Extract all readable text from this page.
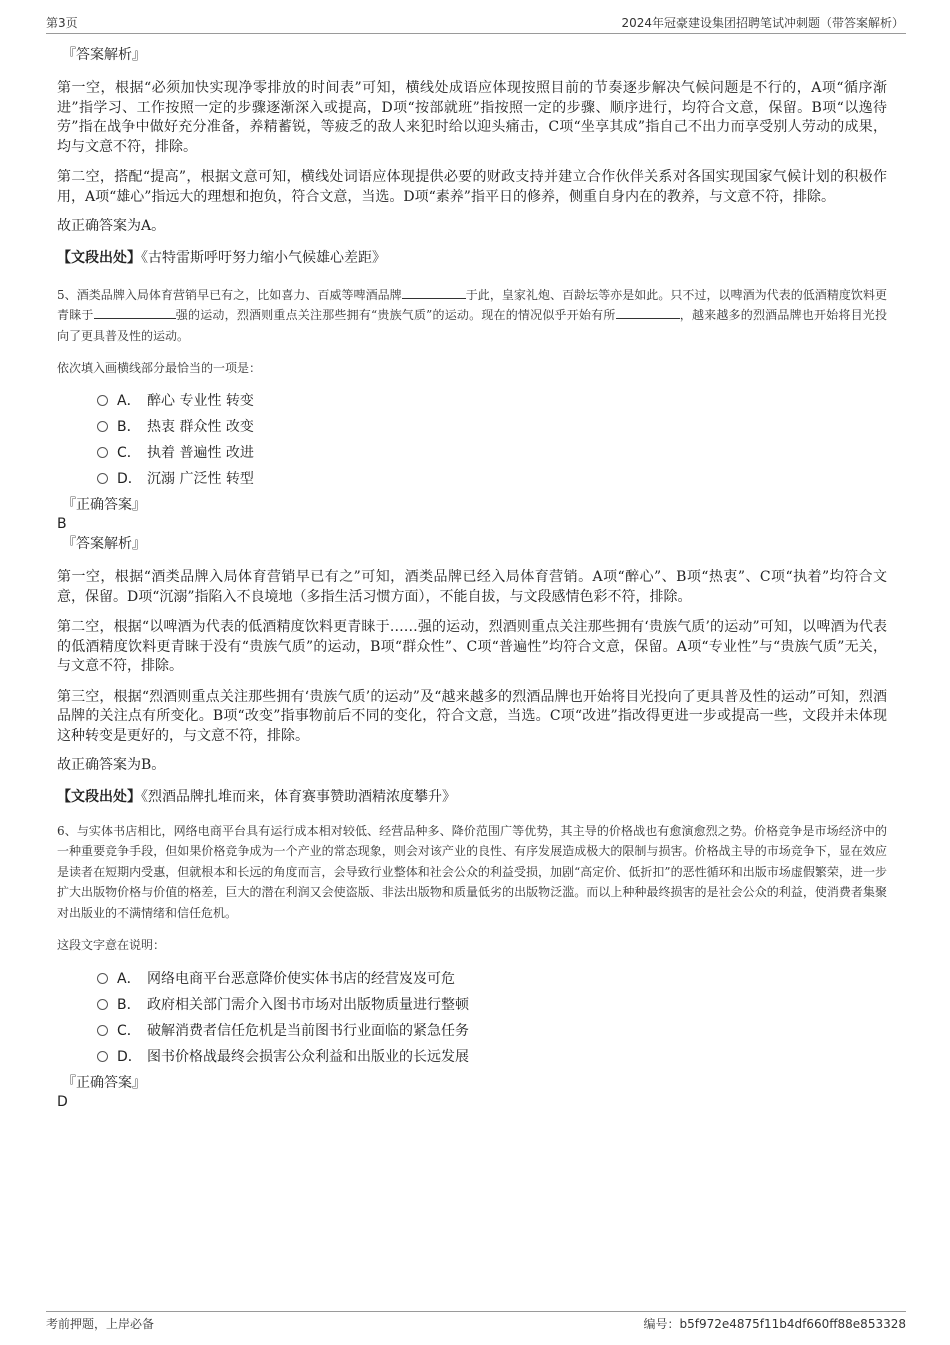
第3页	2024年冠豪建设集团招聘笔试冲刺题（带答案解析）
『答案解析』

第一空，根据“必须加快实现净零排放的时间表”可知，横线处成语应体现按照目前的节奏逐步解决气候问题是不行的，A项“循序渐进”指学习、工作按照一定的步骤逐渐深入或提高，D项“按部就班”指按照一定的步骤、顺序进行，均符合文意，保留。B项“以逸待劳”指在战争中做好充分准备，养精蓄锐，等疲乏的敌人来犯时给以迎头痛击，C项“坐享其成”指自己不出力而享受别人劳动的成果，均与文意不符，排除。

第二空，搭配“提高”，根据文意可知，横线处词语应体现提供必要的财政支持并建立合作伙伴关系对各国实现国家气候计划的积极作用，A项“雄心”指远大的理想和抱负，符合文意，当选。D项“素养”指平日的修养，侧重自身内在的教养，与文意不符，排除。

故正确答案为A。

【文段出处】《古特雷斯呼吁努力缩小气候雄心差距》

5、酒类品牌入局体育营销早已有之，比如喜力、百威等啤酒品牌	于此，皇家礼炮、百龄坛等亦是如此。只不过，以啤酒为代表的低酒精度饮料更青睐于	强的运动，烈酒则重点关注那些拥有“贵族气质”的运动。现在的情况似乎开始有所	，越来越多的烈酒品牌也开始将目光投向了更具普及性的运动。

依次填入画横线部分最恰当的一项是：
A． 醉心 专业性 转变
B． 热衷 群众性 改变
C． 执着 普遍性 改进
D． 沉溺 广泛性 转型
『正确答案』
B
『答案解析』

第一空，根据“酒类品牌入局体育营销早已有之”可知，酒类品牌已经入局体育营销。A项“醉心”、B项“热衷”、C项“执着”均符合文意，保留。D项“沉溺”指陷入不良境地（多指生活习惯方面），不能自拔，与文段感情色彩不符，排除。

第二空，根据“以啤酒为代表的低酒精度饮料更青睐于……强的运动，烈酒则重点关注那些拥有‘贵族气质’的运动”可知，以啤酒为代表的低酒精度饮料更青睐于没有“贵族气质”的运动，B项“群众性”、C项“普遍性”均符合文意，保留。A项“专业性”与“贵族气质”无关，与文意不符，排除。

第三空，根据“烈酒则重点关注那些拥有‘贵族气质’的运动”及“越来越多的烈酒品牌也开始将目光投向了更具普及性的运动”可知，烈酒品牌的关注点有所变化。B项“改变”指事物前后不同的变化，符合文意，当选。C项“改进”指改得更进一步或提高一些，文段并未体现这种转变是更好的，与文意不符，排除。

故正确答案为B。

【文段出处】《烈酒品牌扎堆而来，体育赛事赞助酒精浓度攀升》

6、与实体书店相比，网络电商平台具有运行成本相对较低、经营品种多、降价范围广等优势，其主导的价格战也有愈演愈烈之势。价格竞争是市场经济中的一种重要竞争手段，但如果价格竞争成为一个产业的常态现象，则会对该产业的良性、有序发展造成极大的限制与损害。价格战主导的市场竞争下，显在效应是读者在短期内受惠，但就根本和长远的角度而言，会导致行业整体和社会公众的利益受损，加剧“高定价、低折扣”的恶性循环和出版市场虚假繁荣，进一步扩大出版物价格与价值的格差，巨大的潜在利润又会使盗版、非法出版物和质量低劣的出版物泛滥。而以上种种最终损害的是社会公众的利益，使消费者集聚对出版业的不满情绪和信任危机。

这段文字意在说明：
A． 网络电商平台恶意降价使实体书店的经营岌岌可危
B． 政府相关部门需介入图书市场对出版物质量进行整顿
C． 破解消费者信任危机是当前图书行业面临的紧急任务
D． 图书价格战最终会损害公众利益和出版业的长远发展
『正确答案』
D
考前押题，上岸必备	编号：b5f972e4875f11b4df660ff88e853328
